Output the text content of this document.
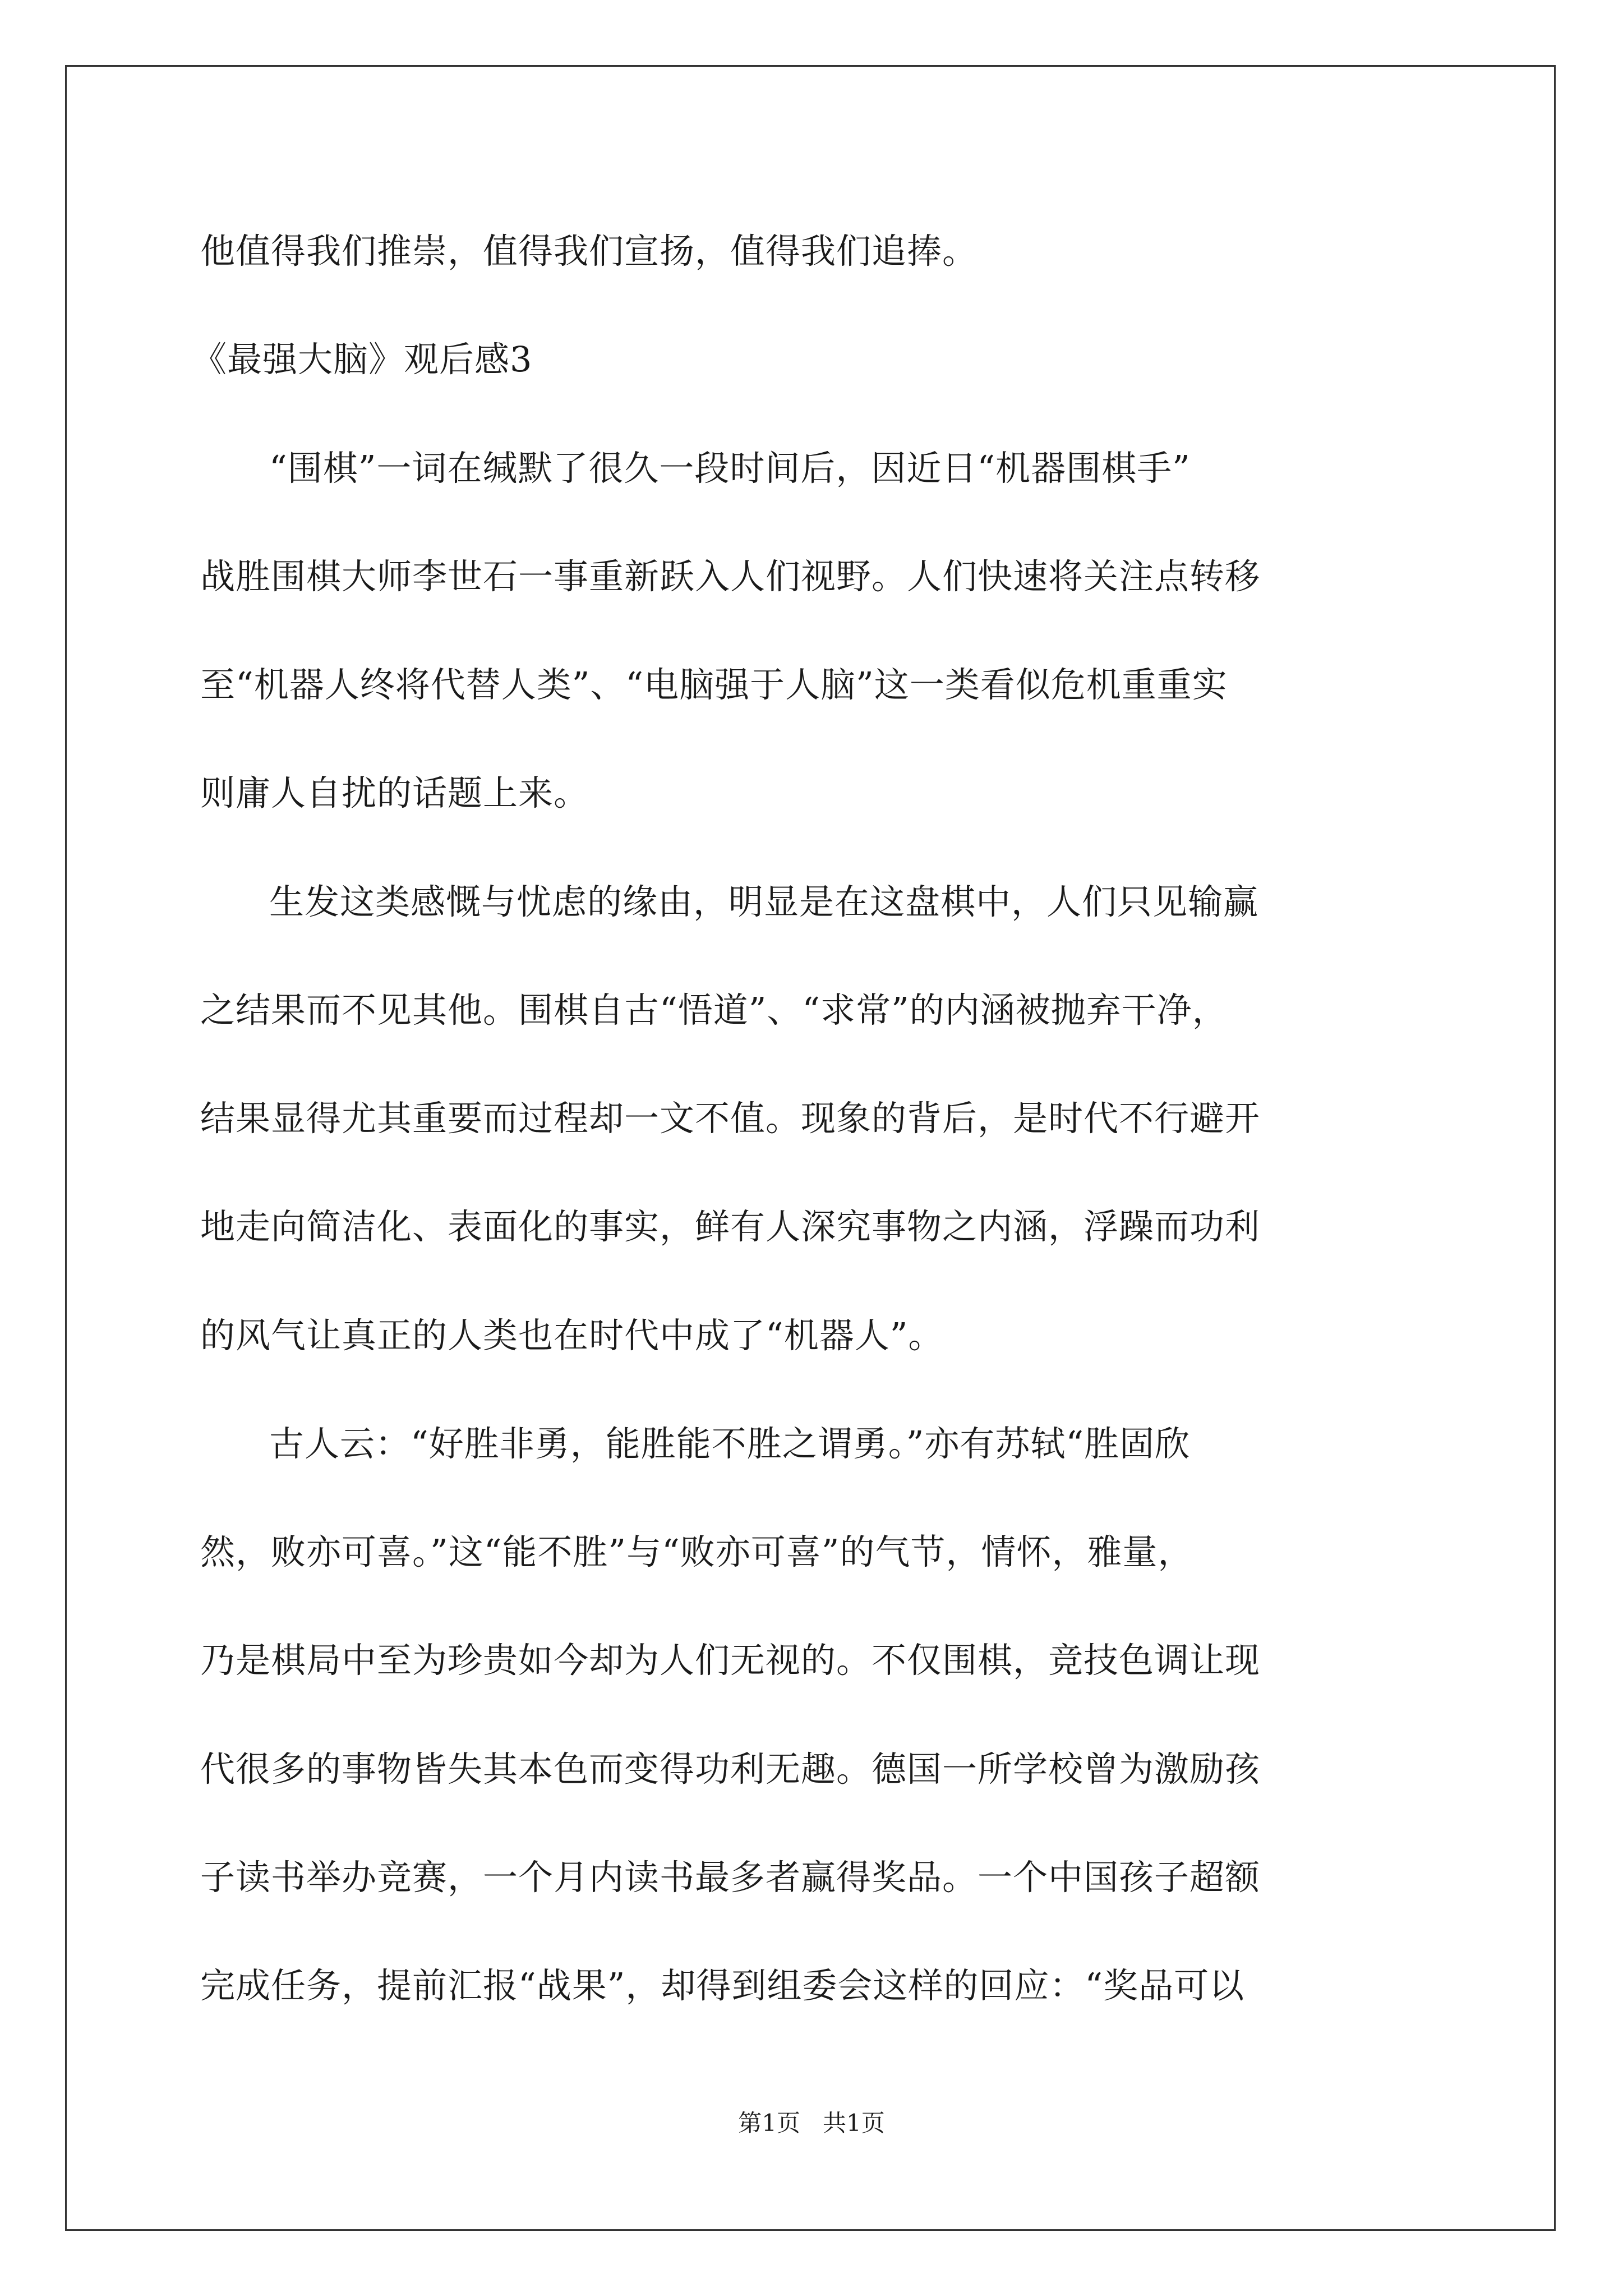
他值得我们推崇，值得我们宣扬，值得我们追捧。
《最强大脑》观后感3
“围棋”一词在缄默了很久一段时间后，因近日“机器围棋手”
战胜围棋大师李世石一事重新跃入人们视野。人们快速将关注点转移
至“机器人终将代替人类”、“电脑强于人脑”这一类看似危机重重实
则庸人自扰的话题上来。
生发这类感慨与忧虑的缘由，明显是在这盘棋中，人们只见输赢
之结果而不见其他。围棋自古“悟道”、“求常”的内涵被抛弃干净，
结果显得尤其重要而过程却一文不值。现象的背后，是时代不行避开
地走向简洁化、表面化的事实，鲜有人深究事物之内涵，浮躁而功利
的风气让真正的人类也在时代中成了“机器人”。
古人云：“好胜非勇，能胜能不胜之谓勇。”亦有苏轼“胜固欣
然，败亦可喜。”这“能不胜”与“败亦可喜”的气节，情怀，雅量，
乃是棋局中至为珍贵如今却为人们无视的。不仅围棋，竞技色调让现
代很多的事物皆失其本色而变得功利无趣。德国一所学校曾为激励孩
子读书举办竞赛，一个月内读书最多者赢得奖品。一个中国孩子超额
完成任务，提前汇报“战果”，却得到组委会这样的回应：“奖品可以
第1页   共1页
